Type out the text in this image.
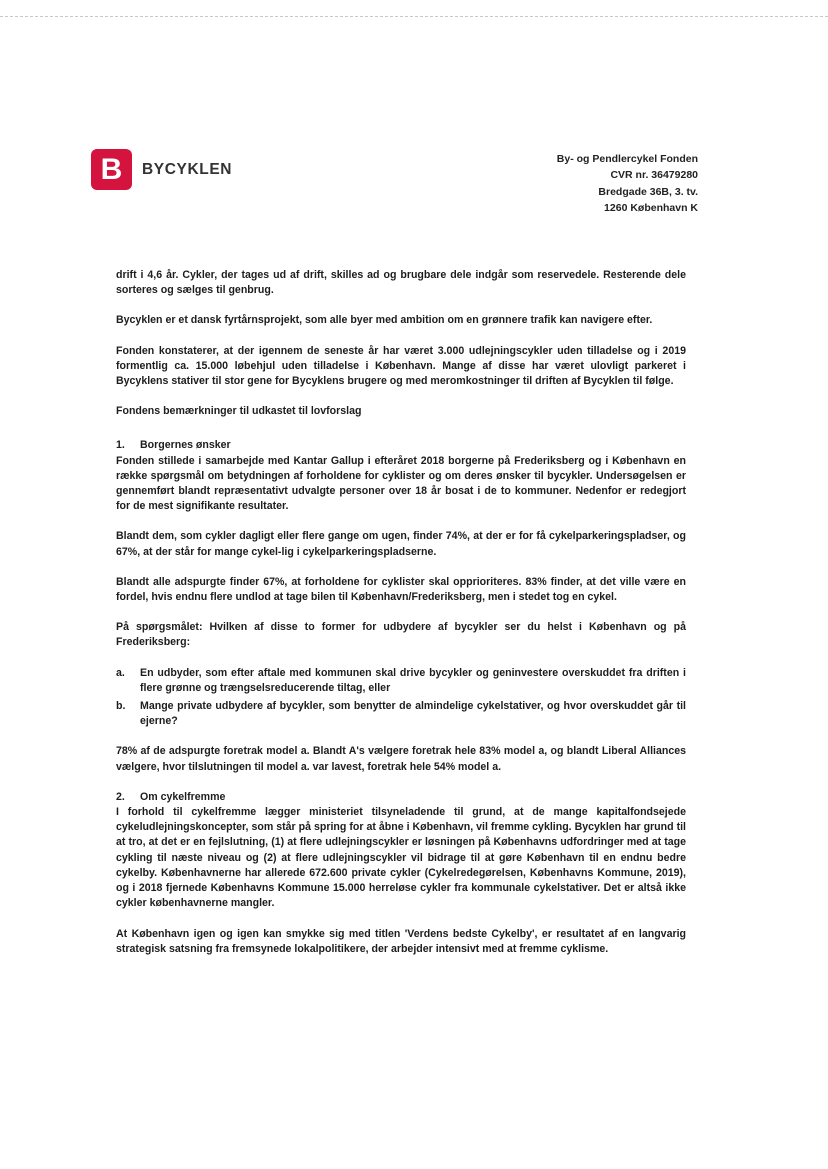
B	BYCYKLEN
By- og Pendlercykel Fonden
CVR nr. 36479280
Bredgade 36B, 3. tv.
1260 København K

drift i 4,6 år. Cykler, der tages ud af drift, skilles ad og brugbare dele indgår som reservedele. Resterende dele sorteres og sælges til genbrug.

Bycyklen er et dansk fyrtårnsprojekt, som alle byer med ambition om en grønnere trafik kan navigere efter.

Fonden konstaterer, at der igennem de seneste år har været 3.000 udlejningscykler uden tilladelse og i 2019 formentlig ca. 15.000 løbehjul uden tilladelse i København. Mange af disse har været ulovligt parkeret i Bycyklens stativer til stor gene for Bycyklens brugere og med meromkostninger til driften af Bycyklen til følge.

Fondens bemærkninger til udkastet til lovforslag

1.	Borgernes ønsker

Fonden stillede i samarbejde med Kantar Gallup i efteråret 2018 borgerne på Frederiksberg og i København en række spørgsmål om betydningen af forholdene for cyklister og om deres ønsker til bycykler. Undersøgelsen er gennemført blandt repræsentativt udvalgte personer over 18 år bosat i de to kommuner. Nedenfor er redegjort for de mest signifikante resultater.

Blandt dem, som cykler dagligt eller flere gange om ugen, finder 74%, at der er for få cykelparkeringspladser, og 67%, at der står for mange cykel-lig i cykelparkeringspladserne.

Blandt alle adspurgte finder 67%, at forholdene for cyklister skal opprioriteres. 83% finder, at det ville være en fordel, hvis endnu flere undlod at tage bilen til København/Frederiksberg, men i stedet tog en cykel.

På spørgsmålet: Hvilken af disse to former for udbydere af bycykler ser du helst i København og på Frederiksberg:

a.	En udbyder, som efter aftale med kommunen skal drive bycykler og geninvestere overskuddet fra driften i flere grønne og trængselsreducerende tiltag, eller
b.	Mange private udbydere af bycykler, som benytter de almindelige cykelstativer, og hvor overskuddet går til ejerne?

78% af de adspurgte foretrak model a. Blandt A's vælgere foretrak hele 83% model a, og blandt Liberal Alliances vælgere, hvor tilslutningen til model a. var lavest, foretrak hele 54% model a.

2.	Om cykelfremme

I forhold til cykelfremme lægger ministeriet tilsyneladende til grund, at de mange kapitalfondsejede cykeludlejningskoncepter, som står på spring for at åbne i København, vil fremme cykling. Bycyklen har grund til at tro, at det er en fejlslutning, (1) at flere udlejningscykler er løsningen på Københavns udfordringer med at tage cykling til næste niveau og (2) at flere udlejningscykler vil bidrage til at gøre København til en endnu bedre cykelby. Københavnerne har allerede 672.600 private cykler (Cykelredegørelsen, Københavns Kommune, 2019), og i 2018 fjernede Københavns Kommune 15.000 herreløse cykler fra kommunale cykelstativer. Det er altså ikke cykler københavnerne mangler.

At København igen og igen kan smykke sig med titlen 'Verdens bedste Cykelby', er resultatet af en langvarig strategisk satsning fra fremsynede lokalpolitikere, der arbejder intensivt med at fremme cyklisme.
